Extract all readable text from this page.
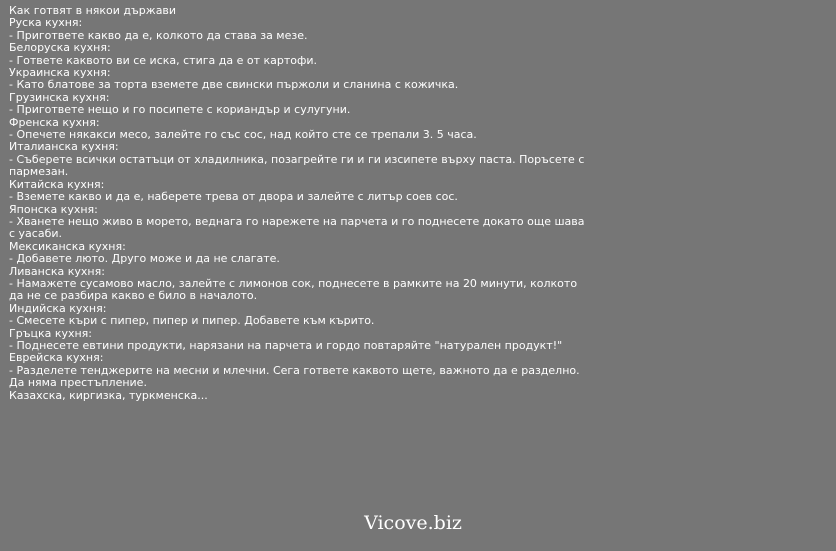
Как готвят в някои държави
Руска кухня:
- Пригответе какво да е, колкото да става за мезе.
Белоруска кухня:
- Гответе каквото ви се иска, стига да е от картофи.
Украинска кухня:
- Като блатове за торта вземете две свински пържоли и сланина с кожичка.
Грузинска кухня:
- Пригответе нещо и го посипете с кориандър и сулугуни.
Френска кухня:
- Опечете някакси месо, залейте го със сос, над който сте се трепали 3. 5 часа.
Италианска кухня:
- Съберете всички остатъци от хладилника, позагрейте ги и ги изсипете върху паста. Поръсете с пармезан.
Китайска кухня:
- Вземете какво и да е, наберете трева от двора и залейте с литър соев сос.
Японска кухня:
- Хванете нещо живо в морето, веднага го нарежете на парчета и го поднесете докато още шава с уасаби.
Мексиканска кухня:
- Добавете люто. Друго може и да не слагате.
Ливанска кухня:
- Намажете сусамово масло, залейте с лимонов сок, поднесете в рамките на 20 минути, колкото да не се разбира какво е било в началото.
Индийска кухня:
- Смесете къри с пипер, пипер и пипер. Добавете към кърито.
Гръцка кухня:
- Поднесете евтини продукти, нарязани на парчета и гордо повтаряйте "натурален продукт!"
Еврейска кухня:
- Разделете тенджерите на месни и млечни. Сега гответе каквото щете, важното да е разделно. Да няма престъпление.
Казахска, киргизка, туркменска...
Vicove.biz
